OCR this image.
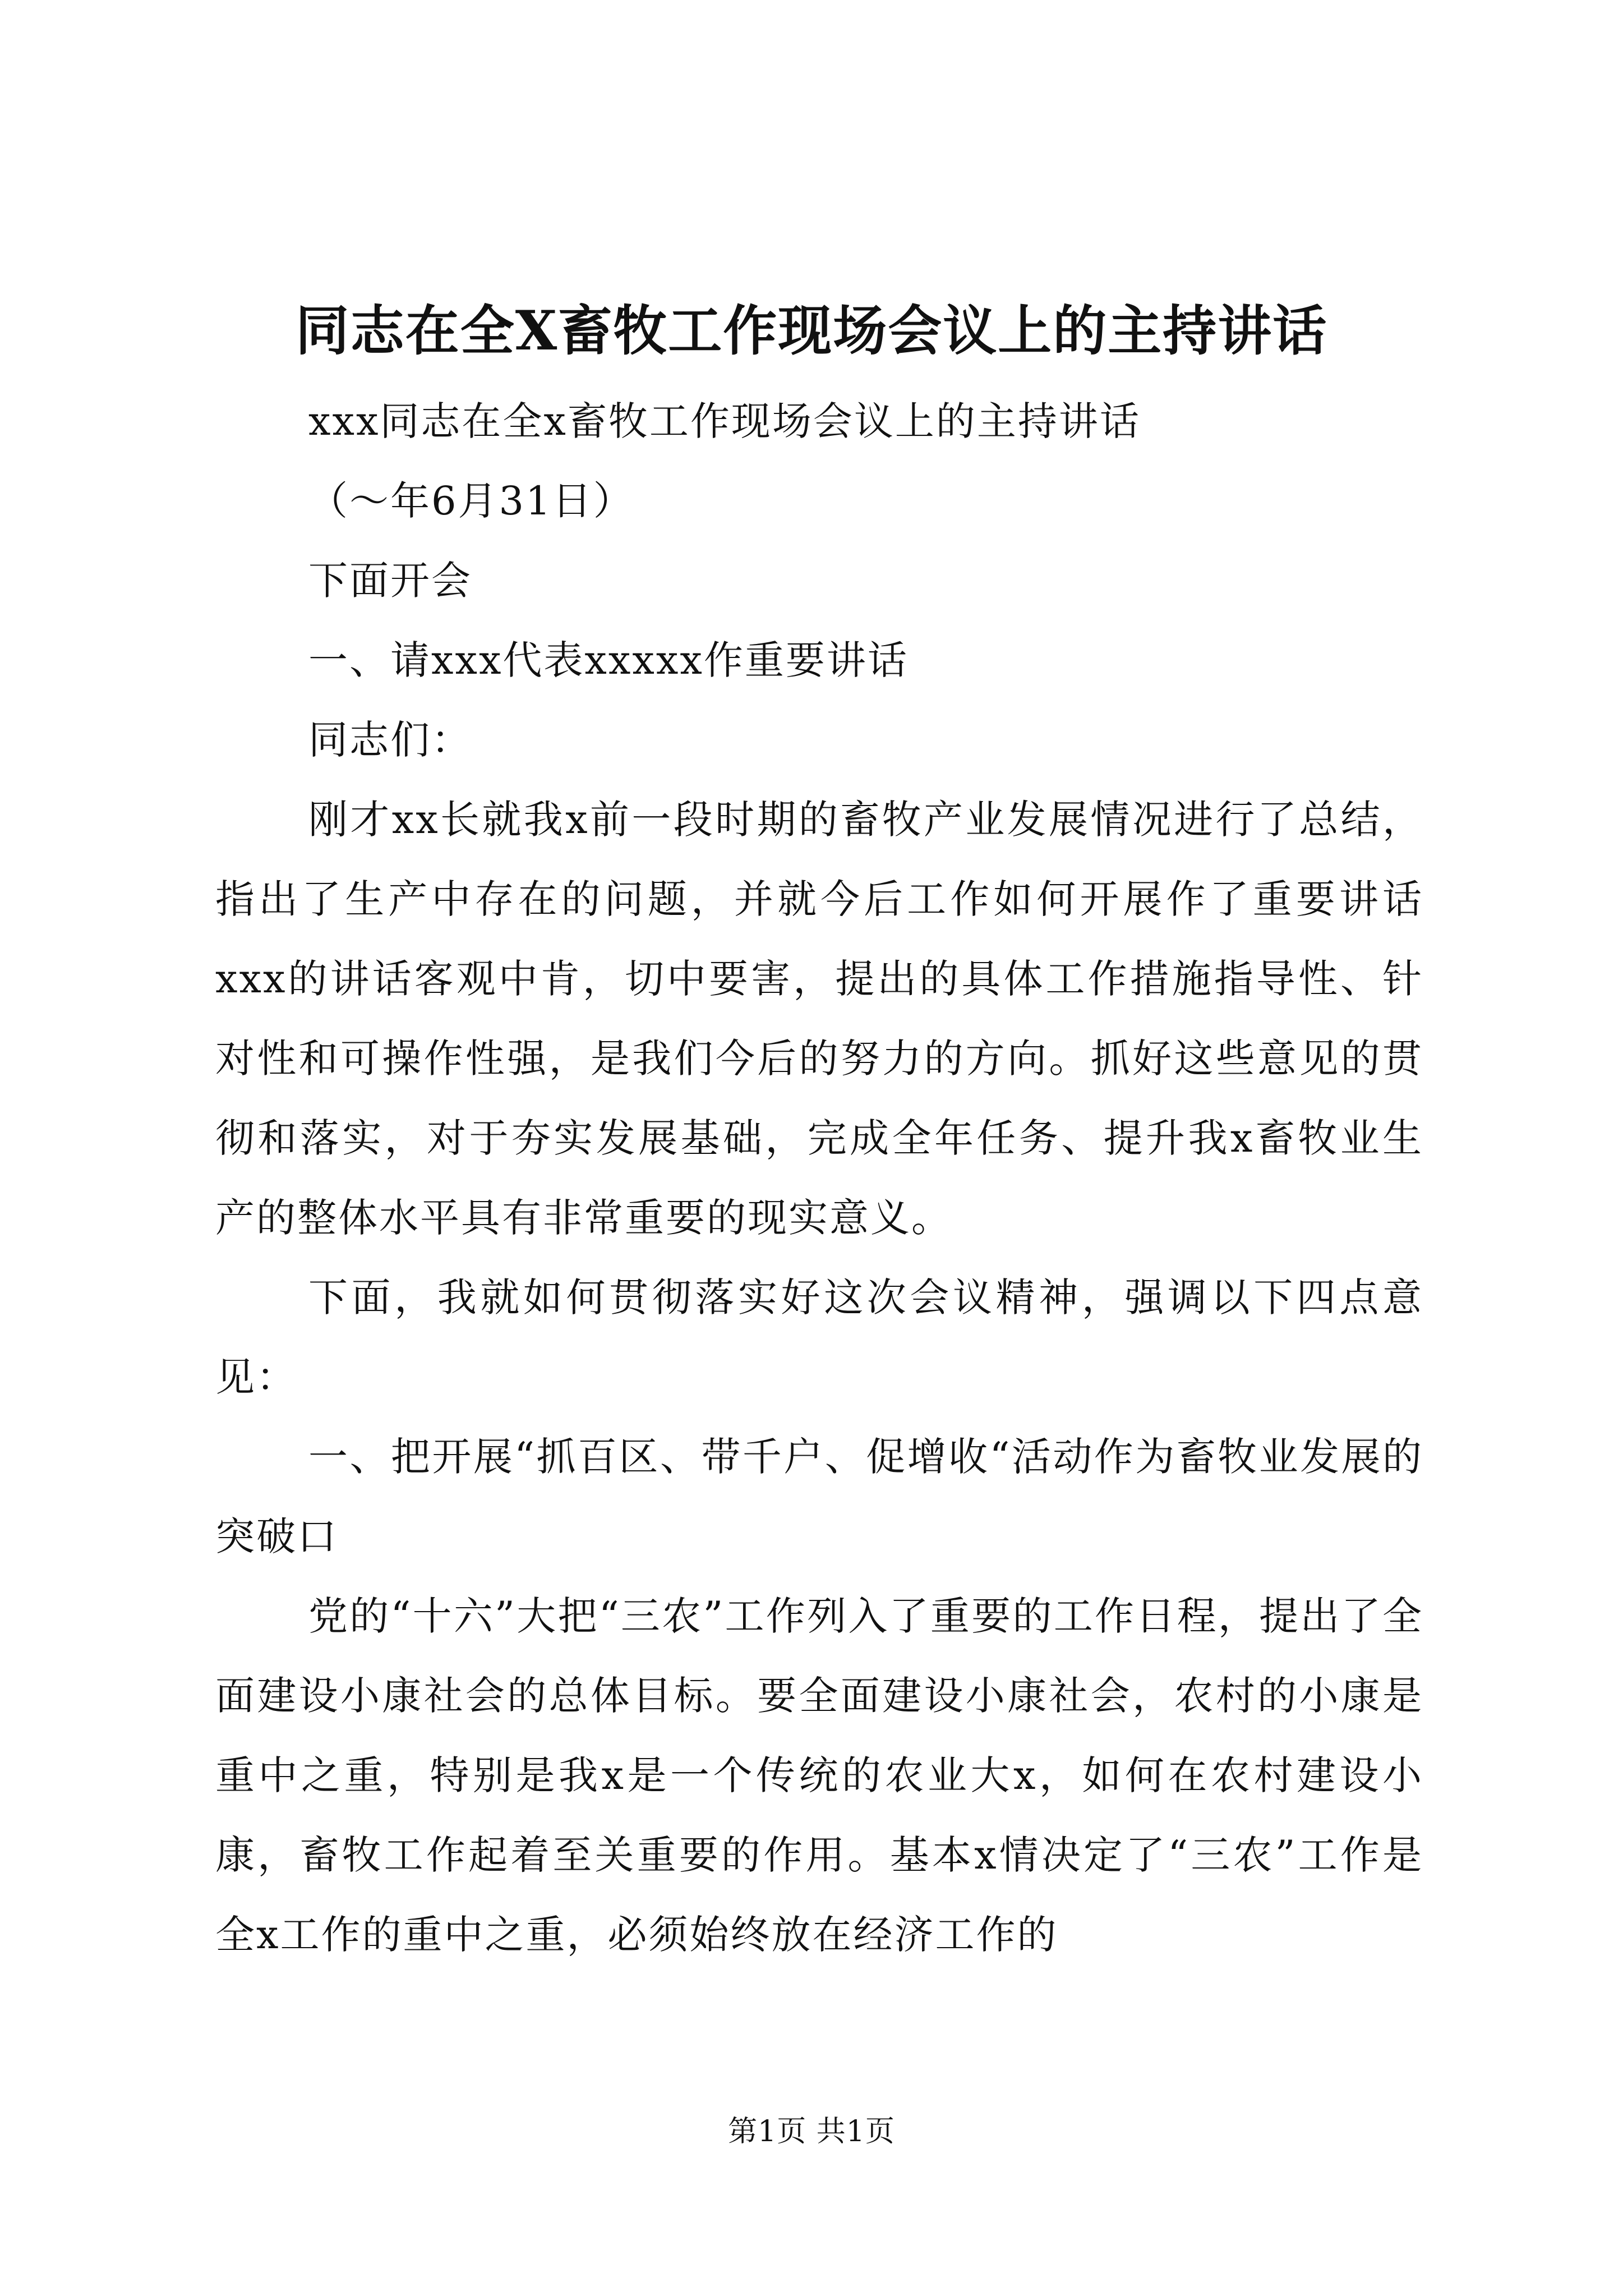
同志在全X畜牧工作现场会议上的主持讲话

xxx同志在全x畜牧工作现场会议上的主持讲话

（～年6月31日）

下面开会

一、请xxx代表xxxxx作重要讲话

同志们：

刚才xx长就我x前一段时期的畜牧产业发展情况进行了总结，指出了生产中存在的问题，并就今后工作如何开展作了重要讲话xxx的讲话客观中肯，切中要害，提出的具体工作措施指导性、针对性和可操作性强，是我们今后的努力的方向。抓好这些意见的贯彻和落实，对于夯实发展基础，完成全年任务、提升我x畜牧业生产的整体水平具有非常重要的现实意义。

下面，我就如何贯彻落实好这次会议精神，强调以下四点意见：

一、把开展“抓百区、带千户、促增收“活动作为畜牧业发展的突破口

党的“十六”大把“三农”工作列入了重要的工作日程，提出了全面建设小康社会的总体目标。要全面建设小康社会，农村的小康是重中之重，特别是我x是一个传统的农业大x，如何在农村建设小康，畜牧工作起着至关重要的作用。基本x情决定了“三农”工作是全x工作的重中之重，必须始终放在经济工作的

第1页 共1页
